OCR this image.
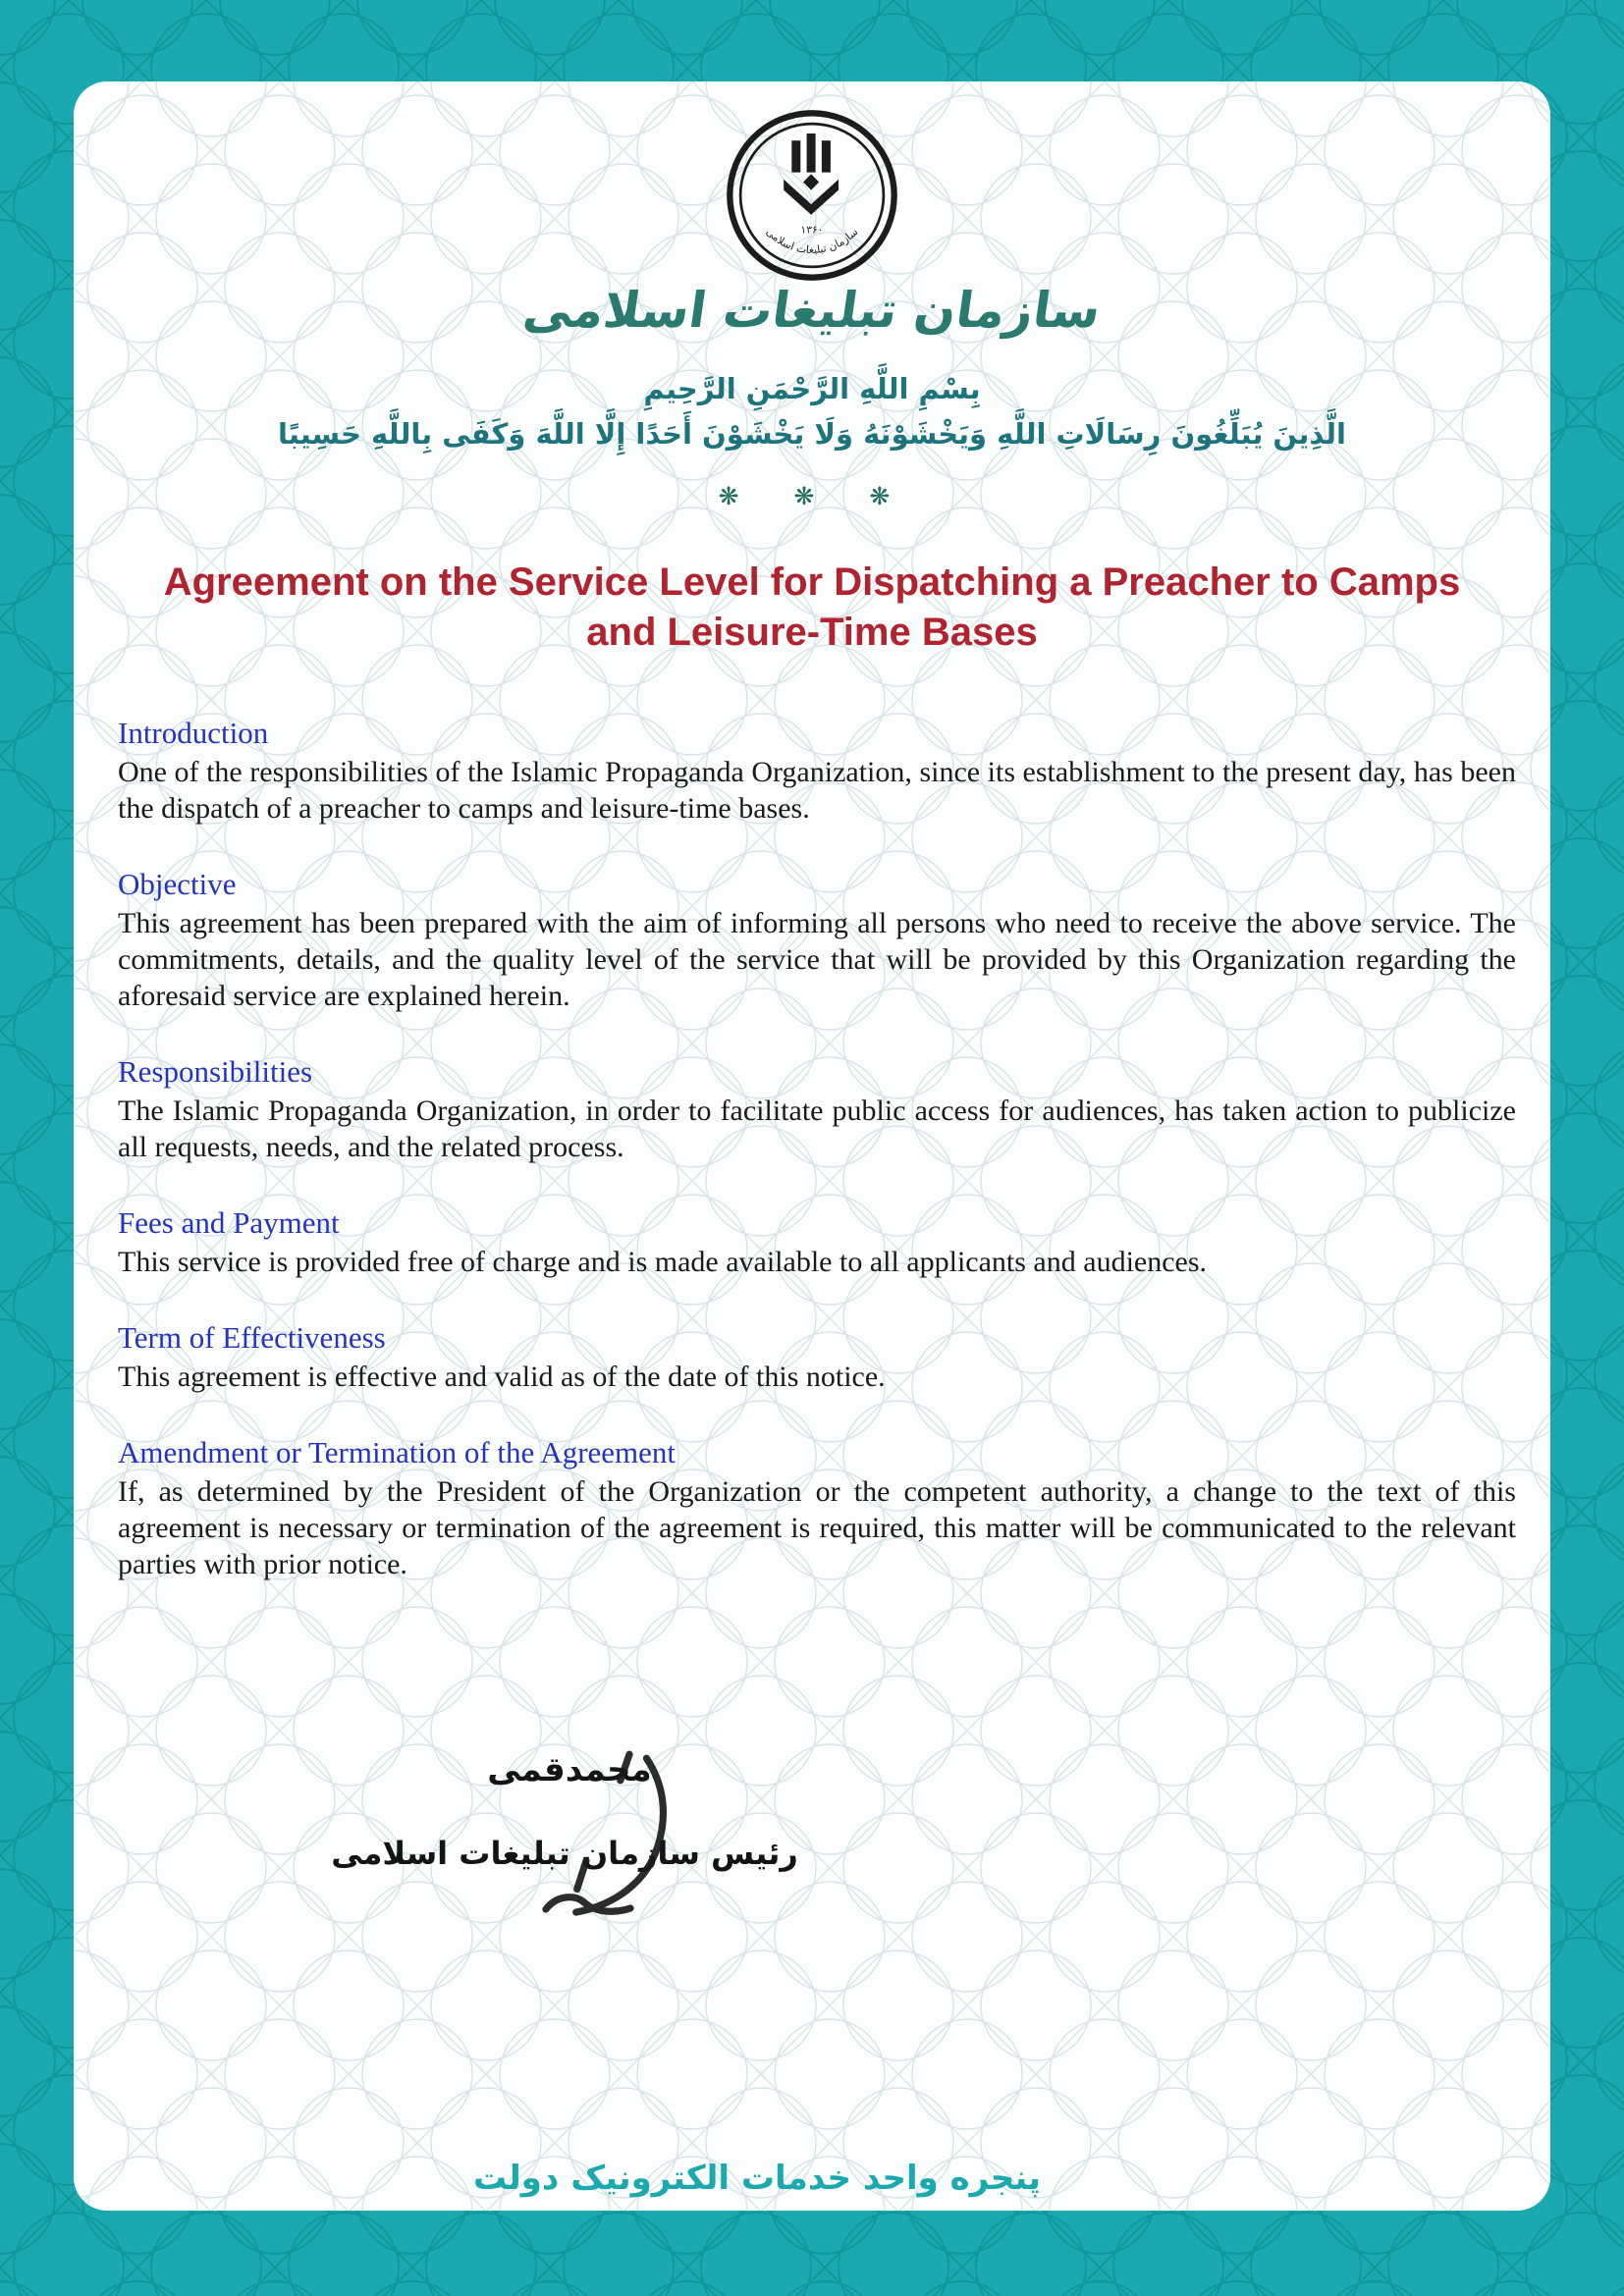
۱۳۶۰
سازمان تبلیغات اسلامی
سازمان تبلیغات اسلامی
بِسْمِ اللَّهِ الرَّحْمَنِ الرَّحِيمِ
الَّذِينَ يُبَلِّغُونَ رِسَالَاتِ اللَّهِ وَيَخْشَوْنَهُ وَلَا يَخْشَوْنَ أَحَدًا إِلَّا اللَّهَ وَكَفَى بِاللَّهِ حَسِيبًا
❋ ❋ ❋
Agreement on the Service Level for Dispatching a Preacher to Camps and Leisure-Time Bases
Introduction

One of the responsibilities of the Islamic Propaganda Organization, since its establishment to the present day, has been the dispatch of a preacher to camps and leisure-time bases.

Objective

This agreement has been prepared with the aim of informing all persons who need to receive the above service. The commitments, details, and the quality level of the service that will be provided by this Organization regarding the aforesaid service are explained herein.

Responsibilities

The Islamic Propaganda Organization, in order to facilitate public access for audiences, has taken action to publicize all requests, needs, and the related process.

Fees and Payment

This service is provided free of charge and is made available to all applicants and audiences.

Term of Effectiveness

This agreement is effective and valid as of the date of this notice.

Amendment or Termination of the Agreement

If, as determined by the President of the Organization or the competent authority, a change to the text of this agreement is necessary or termination of the agreement is required, this matter will be communicated to the relevant parties with prior notice.

محمدقمی
رئیس سازمان تبلیغات اسلامی
پنجره واحد خدمات الکترونیک دولت
